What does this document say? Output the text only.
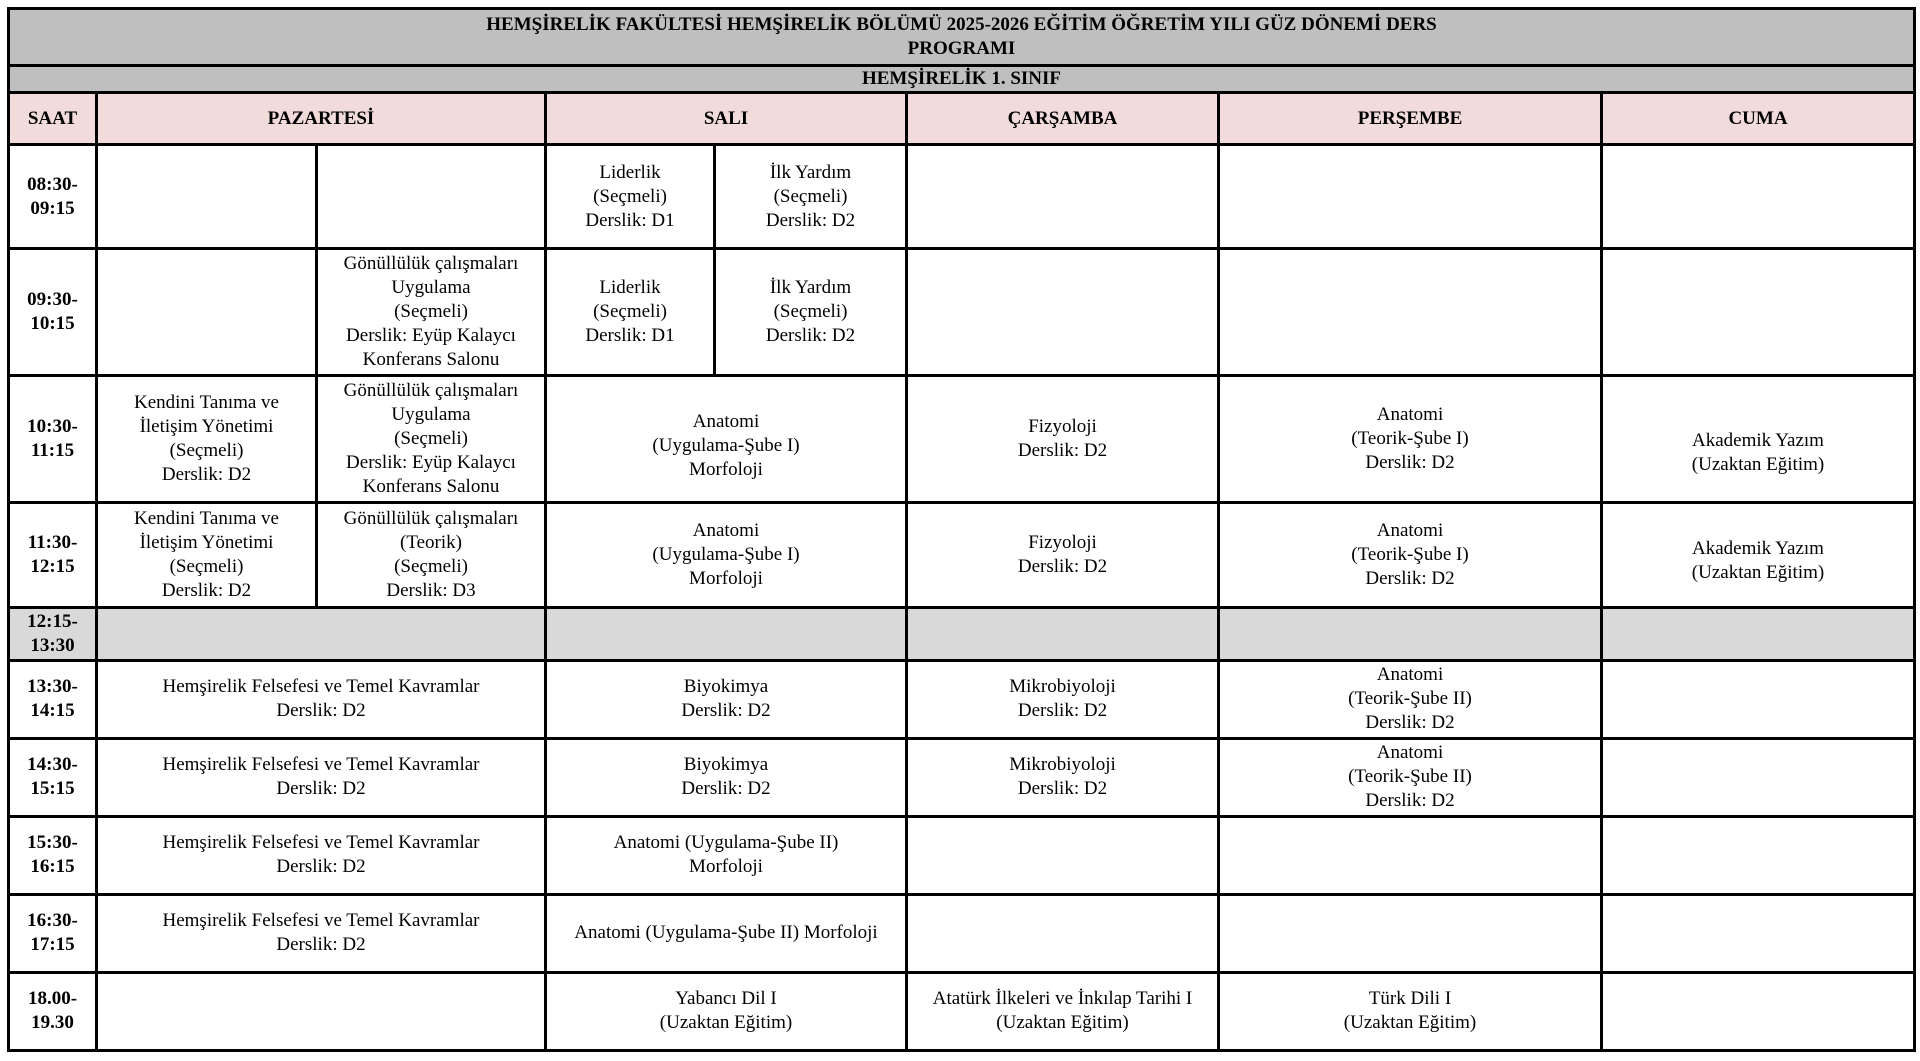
HEMŞİRELİK FAKÜLTESİ HEMŞİRELİK BÖLÜMÜ 2025-2026 EĞİTİM ÖĞRETİM YILI GÜZ DÖNEMİ DERS
PROGRAMI							

HEMŞİRELİK 1. SINIF							
SAAT	PAZARTESİ		SALI		ÇARŞAMBA	PERŞEMBE	CUMA

08:30-
09:15			Liderlik
(Seçmeli)
Derslik: D1	İlk Yardım
(Seçmeli)
Derslik: D2			

09:30-
10:15		Gönüllülük çalışmaları
Uygulama
(Seçmeli)
Derslik: Eyüp Kalaycı
Konferans Salonu	Liderlik
(Seçmeli)
Derslik: D1	İlk Yardım
(Seçmeli)
Derslik: D2			

10:30-
11:15	Kendini Tanıma ve
İletişim Yönetimi
(Seçmeli)
Derslik: D2	Gönüllülük çalışmaları
Uygulama
(Seçmeli)
Derslik: Eyüp Kalaycı
Konferans Salonu	Anatomi
(Uygulama-Şube I)
Morfoloji		Fizyoloji
Derslik: D2	Anatomi
(Teorik-Şube I)
Derslik: D2	Akademik Yazım
(Uzaktan Eğitim)

11:30-
12:15	Kendini Tanıma ve
İletişim Yönetimi
(Seçmeli)
Derslik: D2	Gönüllülük çalışmaları
(Teorik)
(Seçmeli)
Derslik: D3	Anatomi
(Uygulama-Şube I)
Morfoloji		Fizyoloji
Derslik: D2	Anatomi
(Teorik-Şube I)
Derslik: D2	Akademik Yazım
(Uzaktan Eğitim)

12:15-
13:30							

13:30-
14:15	Hemşirelik Felsefesi ve Temel Kavramlar
Derslik: D2		Biyokimya
Derslik: D2		Mikrobiyoloji
Derslik: D2	Anatomi
(Teorik-Şube II)
Derslik: D2	

14:30-
15:15	Hemşirelik Felsefesi ve Temel Kavramlar
Derslik: D2		Biyokimya
Derslik: D2		Mikrobiyoloji
Derslik: D2	Anatomi
(Teorik-Şube II)
Derslik: D2	

15:30-
16:15	Hemşirelik Felsefesi ve Temel Kavramlar
Derslik: D2		Anatomi (Uygulama-Şube II)
Morfoloji				

16:30-
17:15	Hemşirelik Felsefesi ve Temel Kavramlar
Derslik: D2		Anatomi (Uygulama-Şube II) Morfoloji				

18.00-
19.30			Yabancı Dil I
(Uzaktan Eğitim)		Atatürk İlkeleri ve İnkılap Tarihi I
(Uzaktan Eğitim)	Türk Dili I
(Uzaktan Eğitim)	
